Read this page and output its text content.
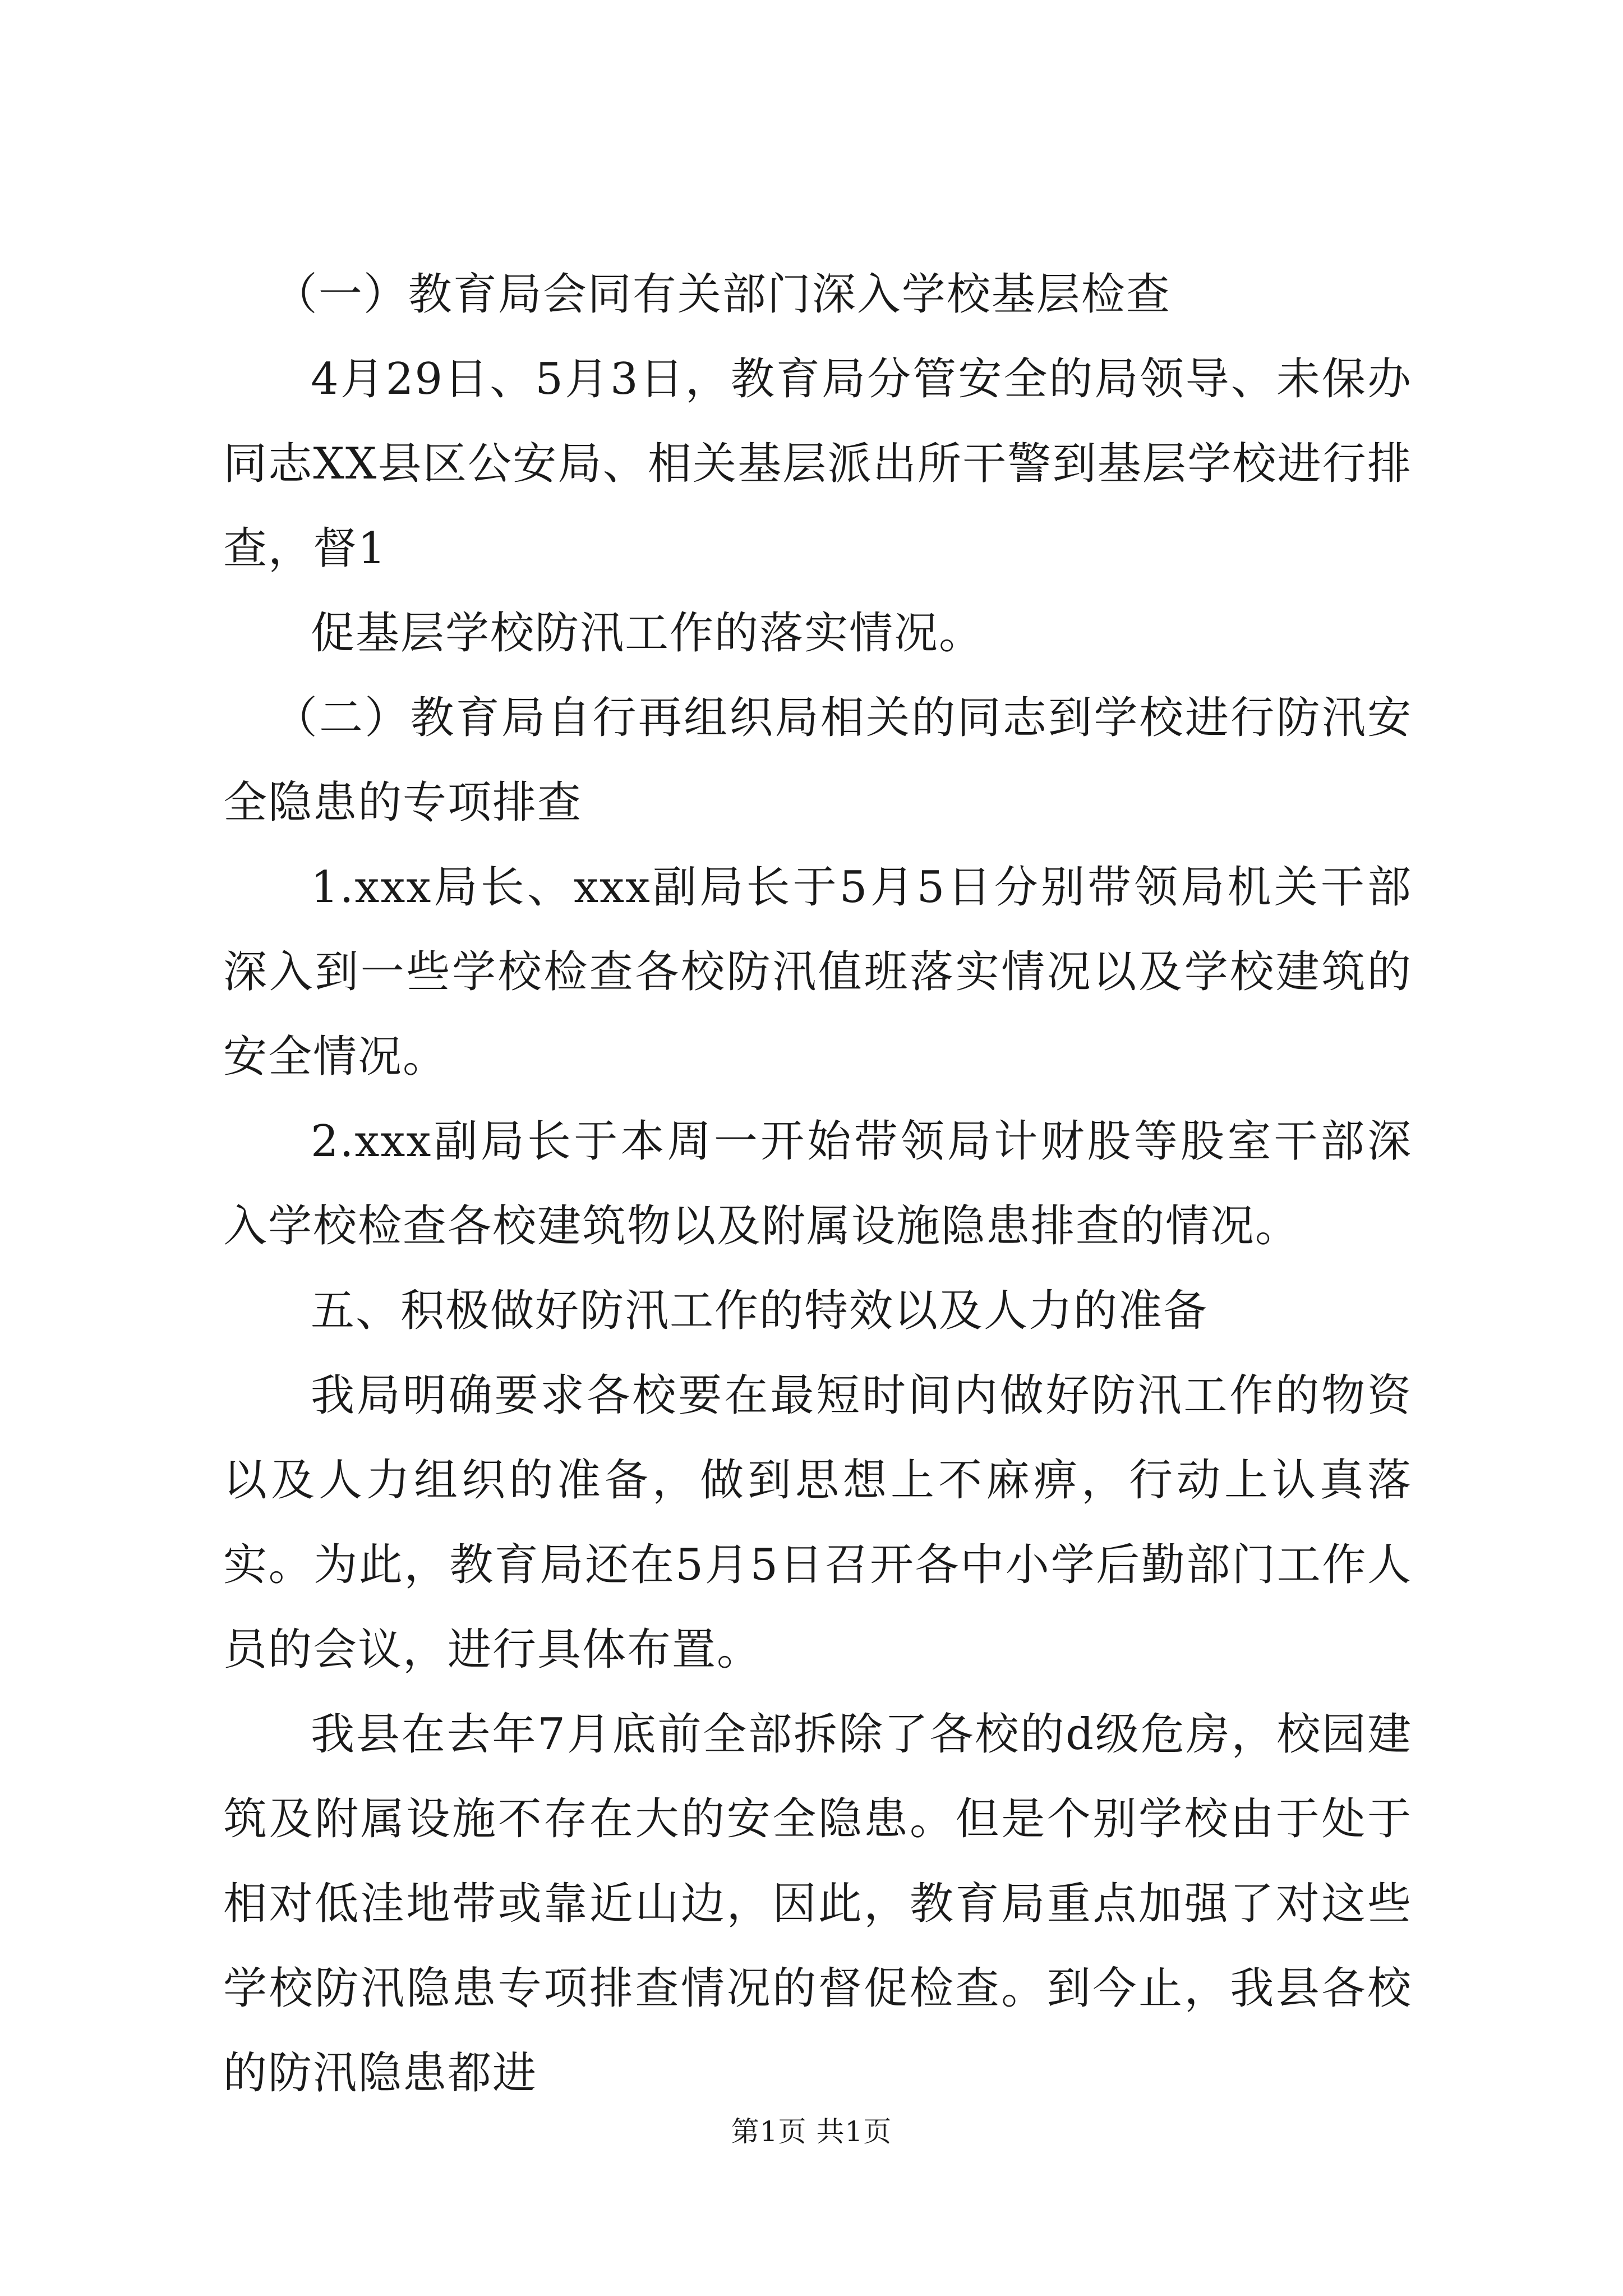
（一）教育局会同有关部门深入学校基层检查

4月29日、5月3日，教育局分管安全的局领导、未保办同志XX县区公安局、相关基层派出所干警到基层学校进行排查，督1

促基层学校防汛工作的落实情况。

（二）教育局自行再组织局相关的同志到学校进行防汛安全隐患的专项排查

1.xxx局长、xxx副局长于5月5日分别带领局机关干部深入到一些学校检查各校防汛值班落实情况以及学校建筑的安全情况。

2.xxx副局长于本周一开始带领局计财股等股室干部深入学校检查各校建筑物以及附属设施隐患排查的情况。

五、积极做好防汛工作的特效以及人力的准备

我局明确要求各校要在最短时间内做好防汛工作的物资以及人力组织的准备，做到思想上不麻痹，行动上认真落实。为此，教育局还在5月5日召开各中小学后勤部门工作人员的会议，进行具体布置。

我县在去年7月底前全部拆除了各校的d级危房，校园建筑及附属设施不存在大的安全隐患。但是个别学校由于处于相对低洼地带或靠近山边，因此，教育局重点加强了对这些学校防汛隐患专项排查情况的督促检查。到今止，我县各校的防汛隐患都进

第1页 共1页
